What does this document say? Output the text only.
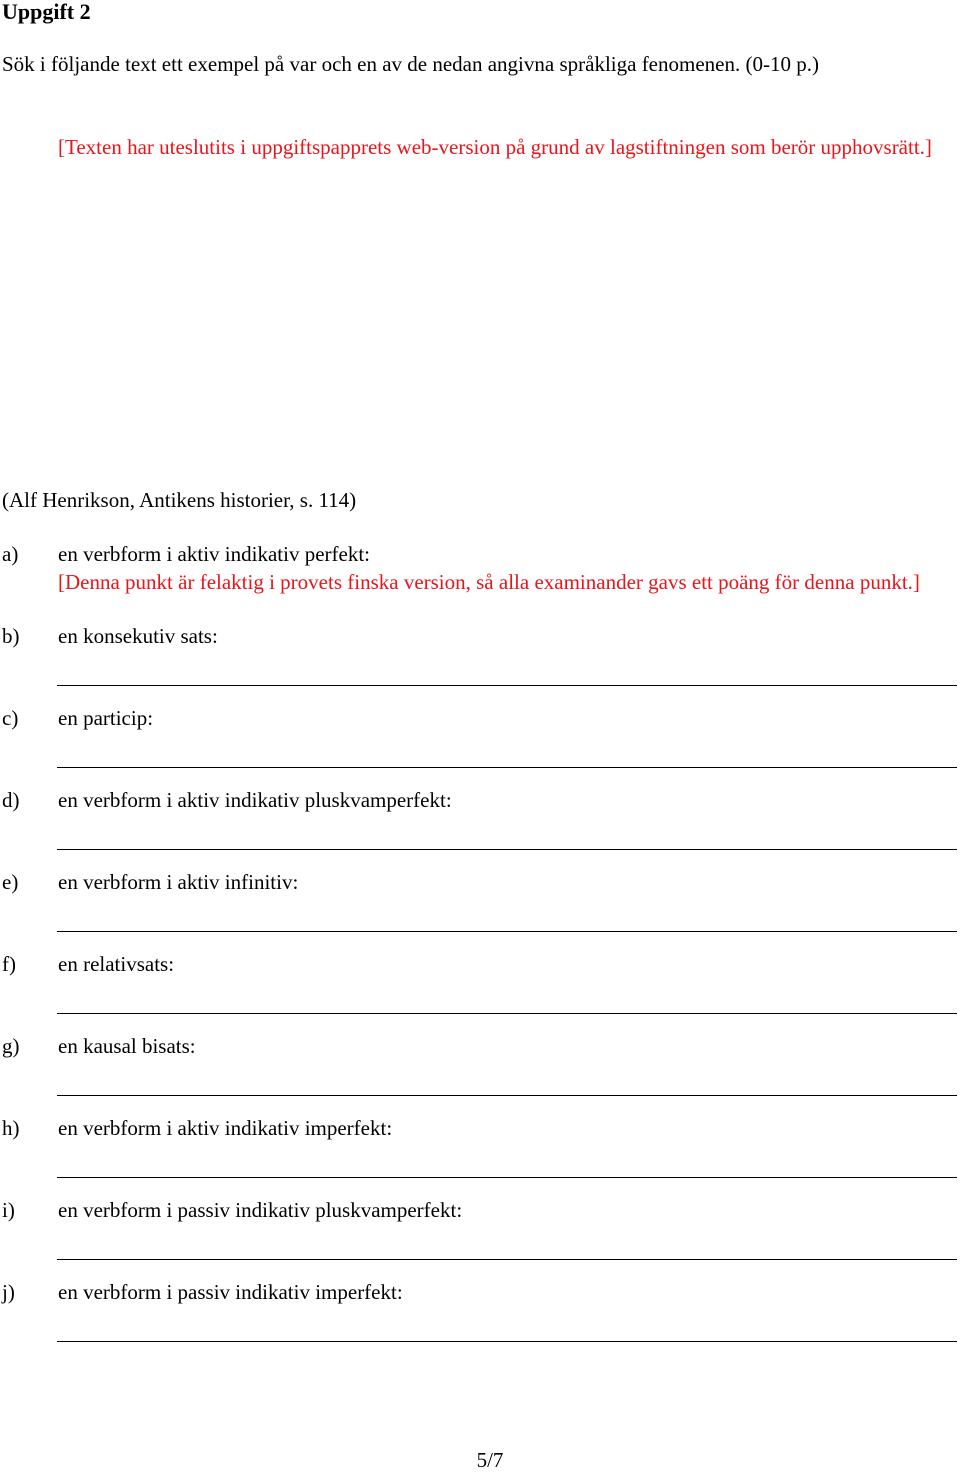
Uppgift 2
Sök i följande text ett exempel på var och en av de nedan angivna språkliga fenomenen. (0-10 p.)
[Texten har uteslutits i uppgiftspapprets web-version på grund av lagstiftningen som berör upphovsrätt.]
(Alf Henrikson, Antikens historier, s. 114)
a) en verbform i aktiv indikativ perfekt:
[Denna punkt är felaktig i provets finska version, så alla examinander gavs ett poäng för denna punkt.]
b) en konsekutiv sats:
c) en particip:
d) en verbform i aktiv indikativ pluskvamperfekt:
e) en verbform i aktiv infinitiv:
f) en relativsats:
g) en kausal bisats:
h) en verbform i aktiv indikativ imperfekt:
i) en verbform i passiv indikativ pluskvamperfekt:
j) en verbform i passiv indikativ imperfekt:
5/7
